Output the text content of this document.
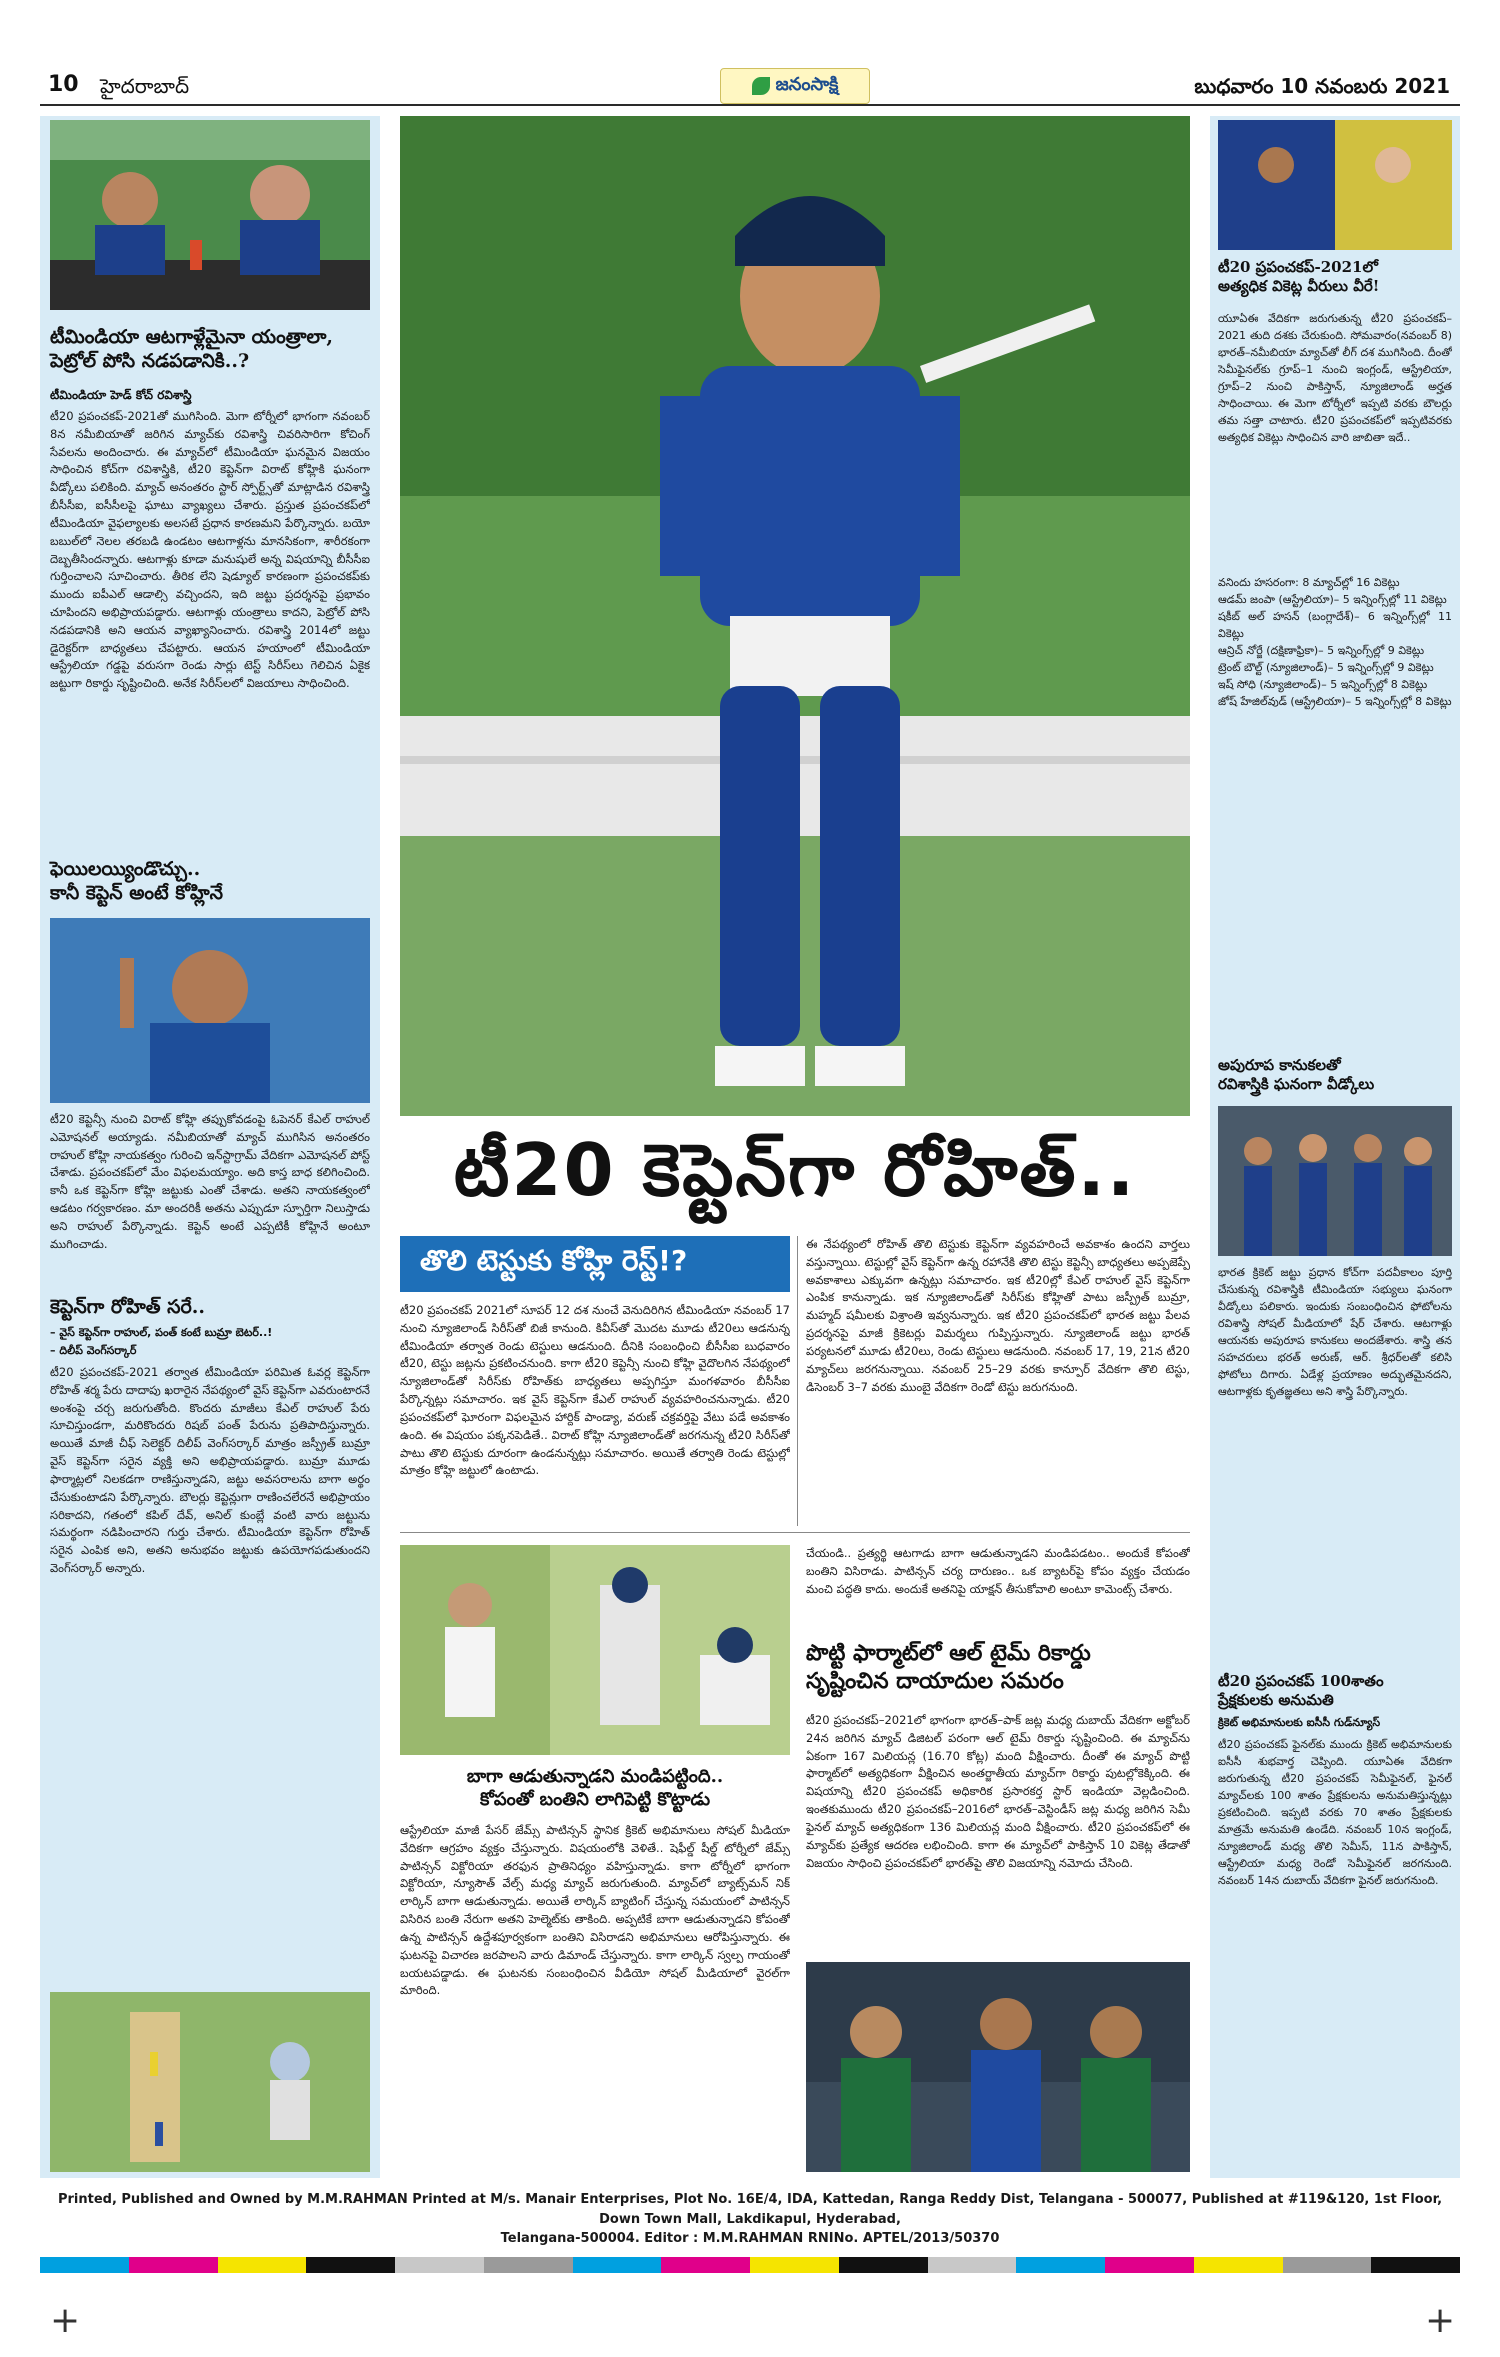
10 హైదరాబాద్	జనంసాక్షి	బుధవారం 10 నవంబరు 2021
టీమిండియా ఆటగాళ్లేమైనా యంత్రాలా,
పెట్రోల్ పోసి నడపడానికి..?
టీమిండియా హెడ్ కోచ్ రవిశాస్త్రి
టీ20 ప్రపంచకప్-2021తో ముగిసింది. మెగా టోర్నీలో భాగంగా నవంబర్ 8న నమీబియాతో జరిగిన మ్యాచ్‌కు రవిశాస్త్రి చివరిసారిగా కోచింగ్ సేవలను అందించారు. ఈ మ్యాచ్‌లో టీమిండియా ఘనమైన విజయం సాధించిన కోచ్‌గా రవిశాస్త్రికి, టీ20 కెప్టెన్‌గా విరాట్ కోహ్లికి ఘనంగా వీడ్కోలు పలికింది. మ్యాచ్ అనంతరం స్టార్ స్పోర్ట్స్‌తో మాట్లాడిన రవిశాస్త్రి బీసీసీఐ, ఐసీసీలపై ఘాటు వ్యాఖ్యలు చేశారు. ప్రస్తుత ప్రపంచకప్‌లో టీమిండియా వైఫల్యాలకు అలసటే ప్రధాన కారణమని పేర్కొన్నారు. బయో బబుల్‌లో నెలల తరబడి ఉండటం ఆటగాళ్లను మానసికంగా, శారీరకంగా దెబ్బతీసిందన్నారు. ఆటగాళ్లు కూడా మనుషులే అన్న విషయాన్ని బీసీసీఐ గుర్తించాలని సూచించారు. తీరిక లేని షెడ్యూల్ కారణంగా ప్రపంచకప్‌కు ముందు ఐపీఎల్ ఆడాల్సి వచ్చిందని, ఇది జట్టు ప్రదర్శనపై ప్రభావం చూపిందని అభిప్రాయపడ్డారు. ఆటగాళ్లు యంత్రాలు కాదని, పెట్రోల్ పోసి నడపడానికి అని ఆయన వ్యాఖ్యానించారు. రవిశాస్త్రి 2014లో జట్టు డైరెక్టర్‌గా బాధ్యతలు చేపట్టారు. ఆయన హయాంలో టీమిండియా ఆస్ట్రేలియా గడ్డపై వరుసగా రెండు సార్లు టెస్ట్ సిరీస్‌లు గెలిచిన ఏకైక జట్టుగా రికార్డు సృష్టించింది. అనేక సిరీస్‌లలో విజయాలు సాధించింది.
ఫెయిలయ్యిండొచ్చు..
కానీ కెప్టెన్ అంటే కోహ్లినే
టీ20 కెప్టెన్సీ నుంచి విరాట్ కోహ్లి తప్పుకోవడంపై ఓపెనర్ కేఎల్ రాహుల్ ఎమోషనల్ అయ్యాడు. నమీబియాతో మ్యాచ్ ముగిసిన అనంతరం రాహుల్ కోహ్లి నాయకత్వం గురించి ఇన్‌స్టాగ్రామ్ వేదికగా ఎమోషనల్ పోస్ట్ చేశాడు. ప్రపంచకప్‌లో మేం విఫలమయ్యాం. అది కాస్త బాధ కలిగించింది. కానీ ఒక కెప్టెన్‌గా కోహ్లి జట్టుకు ఎంతో చేశాడు. అతని నాయకత్వంలో ఆడటం గర్వకారణం. మా అందరికీ అతను ఎప్పుడూ స్ఫూర్తిగా నిలుస్తాడు అని రాహుల్ పేర్కొన్నాడు. కెప్టెన్ అంటే ఎప్పటికీ కోహ్లినే అంటూ ముగించాడు.
కెప్టెన్‌గా రోహిత్ సరే..
– వైస్ కెప్టెన్‌గా రాహుల్, పంత్ కంటే బుమ్రా బెటర్..!
– దిలీప్ వెంగ్‌సర్కార్
టీ20 ప్రపంచకప్-2021 తర్వాత టీమిండియా పరిమిత ఓవర్ల కెప్టెన్‌గా రోహిత్ శర్మ పేరు దాదాపు ఖరారైన నేపథ్యంలో వైస్ కెప్టెన్‌గా ఎవరుంటారనే అంశంపై చర్చ జరుగుతోంది. కొందరు మాజీలు కేఎల్ రాహుల్ పేరు సూచిస్తుండగా, మరికొందరు రిషబ్ పంత్ పేరును ప్రతిపాదిస్తున్నారు. అయితే మాజీ చీఫ్ సెలెక్టర్ దిలీప్ వెంగ్‌సర్కార్ మాత్రం జస్ప్రీత్ బుమ్రా వైస్ కెప్టెన్‌గా సరైన వ్యక్తి అని అభిప్రాయపడ్డారు. బుమ్రా మూడు ఫార్మాట్లలో నిలకడగా రాణిస్తున్నాడని, జట్టు అవసరాలను బాగా అర్థం చేసుకుంటాడని పేర్కొన్నారు. బౌలర్లు కెప్టెన్లుగా రాణించలేరనే అభిప్రాయం సరికాదని, గతంలో కపిల్ దేవ్, అనిల్ కుంబ్లే వంటి వారు జట్టును సమర్థంగా నడిపించారని గుర్తు చేశారు. టీమిండియా కెప్టెన్‌గా రోహిత్ సరైన ఎంపిక అని, అతని అనుభవం జట్టుకు ఉపయోగపడుతుందని వెంగ్‌సర్కార్ అన్నారు.
టీ20 కెప్టెన్‌గా రోహిత్..
తొలి టెస్టుకు కోహ్లి రెస్ట్!?
టీ20 ప్రపంచకప్ 2021లో సూపర్ 12 దశ నుంచే వెనుదిరిగిన టీమిండియా నవంబర్ 17 నుంచి న్యూజిలాండ్ సిరీస్‌తో బిజీ కానుంది. కివీస్‌తో మొదట మూడు టీ20లు ఆడనున్న టీమిండియా తర్వాత రెండు టెస్టులు ఆడనుంది. దీనికి సంబంధించి బీసీసీఐ బుధవారం టీ20, టెస్టు జట్లను ప్రకటించనుంది. కాగా టీ20 కెప్టెన్సీ నుంచి కోహ్లి వైదొలగిన నేపథ్యంలో న్యూజిలాండ్‌తో సిరీస్‌కు రోహిత్‌కు బాధ్యతలు అప్పగిస్తూ మంగళవారం బీసీసీఐ పేర్కొన్నట్లు సమాచారం. ఇక వైస్ కెప్టెన్‌గా కేఎల్ రాహుల్ వ్యవహరించనున్నాడు. టీ20 ప్రపంచకప్‌లో ఘోరంగా విఫలమైన హార్దిక్ పాండ్యా, వరుణ్ చక్రవర్తిపై వేటు పడే అవకాశం ఉంది. ఈ విషయం పక్కనపెడితే.. విరాట్ కోహ్లి న్యూజిలాండ్‌తో జరగనున్న టీ20 సిరీస్‌తో పాటు తొలి టెస్టుకు దూరంగా ఉండనున్నట్లు సమాచారం. అయితే తర్వాతి రెండు టెస్టుల్లో మాత్రం కోహ్లి జట్టులో ఉంటాడు.
ఈ నేపథ్యంలో రోహిత్ తొలి టెస్టుకు కెప్టెన్‌గా వ్యవహరించే అవకాశం ఉందని వార్తలు వస్తున్నాయి. టెస్టుల్లో వైస్ కెప్టెన్‌గా ఉన్న రహానేకి తొలి టెస్టు కెప్టెన్సీ బాధ్యతలు అప్పజెప్పే అవకాశాలు ఎక్కువగా ఉన్నట్లు సమాచారం. ఇక టీ20ల్లో కేఎల్ రాహుల్ వైస్ కెప్టెన్‌గా ఎంపిక కానున్నాడు. ఇక న్యూజిలాండ్‌తో సిరీస్‌కు కోహ్లితో పాటు జస్ప్రీత్ బుమ్రా, మహ్మద్ షమీలకు విశ్రాంతి ఇవ్వనున్నారు. ఇక టీ20 ప్రపంచకప్‌లో భారత జట్టు పేలవ ప్రదర్శనపై మాజీ క్రికెటర్లు విమర్శలు గుప్పిస్తున్నారు. న్యూజిలాండ్ జట్టు భారత్ పర్యటనలో మూడు టీ20లు, రెండు టెస్టులు ఆడనుంది. నవంబర్ 17, 19, 21న టీ20 మ్యాచ్‌లు జరగనున్నాయి. నవంబర్ 25–29 వరకు కాన్పూర్ వేదికగా తొలి టెస్టు, డిసెంబర్ 3–7 వరకు ముంబై వేదికగా రెండో టెస్టు జరుగనుంది.
బాగా ఆడుతున్నాడని మండిపట్టింది..
కోపంతో బంతిని లాగిపెట్టి కొట్టాడు
ఆస్ట్రేలియా మాజీ పేసర్ జేమ్స్ పాటిన్సన్ స్థానిక క్రికెట్ అభిమానులు సోషల్ మీడియా వేదికగా ఆగ్రహం వ్యక్తం చేస్తున్నారు. విషయంలోకి వెళితే.. షెఫీల్డ్ షీల్డ్ టోర్నీలో జేమ్స్ పాటిన్సన్ విక్టోరియా తరఫున ప్రాతినిధ్యం వహిస్తున్నాడు. కాగా టోర్నీలో భాగంగా విక్టోరియా, న్యూసౌత్ వేల్స్ మధ్య మ్యాచ్ జరుగుతుంది. మ్యాచ్‌లో బ్యాట్స్‌మన్ నిక్ లార్కిన్ బాగా ఆడుతున్నాడు. అయితే లార్కిన్ బ్యాటింగ్ చేస్తున్న సమయంలో పాటిన్సన్ విసిరిన బంతి నేరుగా అతని హెల్మెట్‌కు తాకింది. అప్పటికే బాగా ఆడుతున్నాడని కోపంతో ఉన్న పాటిన్సన్ ఉద్దేశపూర్వకంగా బంతిని విసిరాడని అభిమానులు ఆరోపిస్తున్నారు. ఈ ఘటనపై విచారణ జరపాలని వారు డిమాండ్ చేస్తున్నారు. కాగా లార్కిన్ స్వల్ప గాయంతో బయటపడ్డాడు. ఈ ఘటనకు సంబంధించిన వీడియో సోషల్ మీడియాలో వైరల్‌గా మారింది.
చేయండి.. ప్రత్యర్థి ఆటగాడు బాగా ఆడుతున్నాడని మండిపడటం.. అందుకే కోపంతో బంతిని విసిరాడు. పాటిన్సన్ చర్య దారుణం.. ఒక బ్యాటర్‌పై కోపం వ్యక్తం చేయడం మంచి పద్ధతి కాదు. అందుకే అతనిపై యాక్షన్ తీసుకోవాలి అంటూ కామెంట్స్ చేశారు.
పొట్టి ఫార్మాట్‌లో ఆల్ టైమ్ రికార్డు
సృష్టించిన దాయాదుల సమరం
టీ20 ప్రపంచకప్–2021లో భాగంగా భారత్–పాక్ జట్ల మధ్య దుబాయ్ వేదికగా అక్టోబర్ 24న జరిగిన మ్యాచ్ డిజిటల్ పరంగా ఆల్ టైమ్ రికార్డు సృష్టించింది. ఈ మ్యాచ్‌ను ఏకంగా 167 మిలియన్ల (16.70 కోట్ల) మంది వీక్షించారు. దీంతో ఈ మ్యాచ్ పొట్టి ఫార్మాట్‌లో అత్యధికంగా వీక్షించిన అంతర్జాతీయ మ్యాచ్‌గా రికార్డు పుటల్లోకెక్కింది. ఈ విషయాన్ని టీ20 ప్రపంచకప్ అధికారిక ప్రసారకర్త స్టార్ ఇండియా వెల్లడించింది. ఇంతకుముందు టీ20 ప్రపంచకప్–2016లో భారత్–వెస్టిండీస్ జట్ల మధ్య జరిగిన సెమీ ఫైనల్ మ్యాచ్ అత్యధికంగా 136 మిలియన్ల మంది వీక్షించారు. టీ20 ప్రపంచకప్‌లో ఈ మ్యాచ్‌కు ప్రత్యేక ఆదరణ లభించింది. కాగా ఈ మ్యాచ్‌లో పాకిస్తాన్ 10 వికెట్ల తేడాతో విజయం సాధించి ప్రపంచకప్‌లో భారత్‌పై తొలి విజయాన్ని నమోదు చేసింది.
టీ20 ప్రపంచకప్-2021లో
అత్యధిక వికెట్ల వీరులు వీరే!
యూఏఈ వేదికగా జరుగుతున్న టీ20 ప్రపంచకప్–2021 తుది దశకు చేరుకుంది. సోమవారం(నవంబర్ 8) భారత్–నమీబియా మ్యాచ్‌తో లీగ్ దశ ముగిసింది. దీంతో సెమీఫైనల్‌కు గ్రూప్–1 నుంచి ఇంగ్లండ్, ఆస్ట్రేలియా, గ్రూప్–2 నుంచి పాకిస్తాన్, న్యూజిలాండ్ అర్హత సాధించాయి. ఈ మెగా టోర్నీలో ఇప్పటి వరకు బౌలర్లు తమ సత్తా చాటారు. టీ20 ప్రపంచకప్‌లో ఇప్పటివరకు అత్యధిక వికెట్లు సాధించిన వారి జాబితా ఇదే..
వనిందు హసరంగా: 8 మ్యాచ్‌ల్లో 16 వికెట్లు
ఆడమ్ జంపా (ఆస్ట్రేలియా)– 5 ఇన్నింగ్స్‌ల్లో 11 వికెట్లు
షకీబ్ అల్ హసన్ (బంగ్లాదేశ్)– 6 ఇన్నింగ్స్‌ల్లో 11 వికెట్లు
ఆన్రిచ్ నోర్జే (దక్షిణాఫ్రికా)– 5 ఇన్నింగ్స్‌ల్లో 9 వికెట్లు
ట్రెంట్ బౌల్ట్ (న్యూజిలాండ్)– 5 ఇన్నింగ్స్‌ల్లో 9 వికెట్లు
ఇష్ సోధి (న్యూజిలాండ్)– 5 ఇన్నింగ్స్‌ల్లో 8 వికెట్లు
జోష్ హేజిల్‌వుడ్ (ఆస్ట్రేలియా)– 5 ఇన్నింగ్స్‌ల్లో 8 వికెట్లు
అపురూప కానుకలతో
రవిశాస్త్రికి ఘనంగా వీడ్కోలు
భారత క్రికెట్ జట్టు ప్రధాన కోచ్‌గా పదవీకాలం పూర్తి చేసుకున్న రవిశాస్త్రికి టీమిండియా సభ్యులు ఘనంగా వీడ్కోలు పలికారు. ఇందుకు సంబంధించిన ఫోటోలను రవిశాస్త్రి సోషల్ మీడియాలో షేర్ చేశారు. ఆటగాళ్లు ఆయనకు అపురూప కానుకలు అందజేశారు. శాస్త్రి తన సహచరులు భరత్ అరుణ్, ఆర్. శ్రీధర్‌లతో కలిసి ఫోటోలు దిగారు. ఏడేళ్ల ప్రయాణం అద్భుతమైనదని, ఆటగాళ్లకు కృతజ్ఞతలు అని శాస్త్రి పేర్కొన్నారు.
టీ20 ప్రపంచకప్ 100శాతం
ప్రేక్షకులకు అనుమతి
క్రికెట్ అభిమానులకు ఐసీసీ గుడ్‌న్యూస్
టీ20 ప్రపంచకప్ ఫైనల్‌కు ముందు క్రికెట్ అభిమానులకు ఐసీసీ శుభవార్త చెప్పింది. యూఏఈ వేదికగా జరుగుతున్న టీ20 ప్రపంచకప్ సెమీఫైనల్, ఫైనల్ మ్యాచ్‌లకు 100 శాతం ప్రేక్షకులను అనుమతిస్తున్నట్లు ప్రకటించింది. ఇప్పటి వరకు 70 శాతం ప్రేక్షకులకు మాత్రమే అనుమతి ఉండేది. నవంబర్ 10న ఇంగ్లండ్, న్యూజిలాండ్ మధ్య తొలి సెమీస్, 11న పాకిస్తాన్, ఆస్ట్రేలియా మధ్య రెండో సెమీఫైనల్ జరగనుంది. నవంబర్ 14న దుబాయ్ వేదికగా ఫైనల్ జరుగనుంది.
Printed, Published and Owned by M.M.RAHMAN Printed at M/s. Manair Enterprises, Plot No. 16E/4, IDA, Kattedan, Ranga Reddy Dist, Telangana - 500077, Published at #119&120, 1st Floor, Down Town Mall, Lakdikapul, Hyderabad,
Telangana-500004. Editor : M.M.RAHMAN RNINo. APTEL/2013/50370
+	+
